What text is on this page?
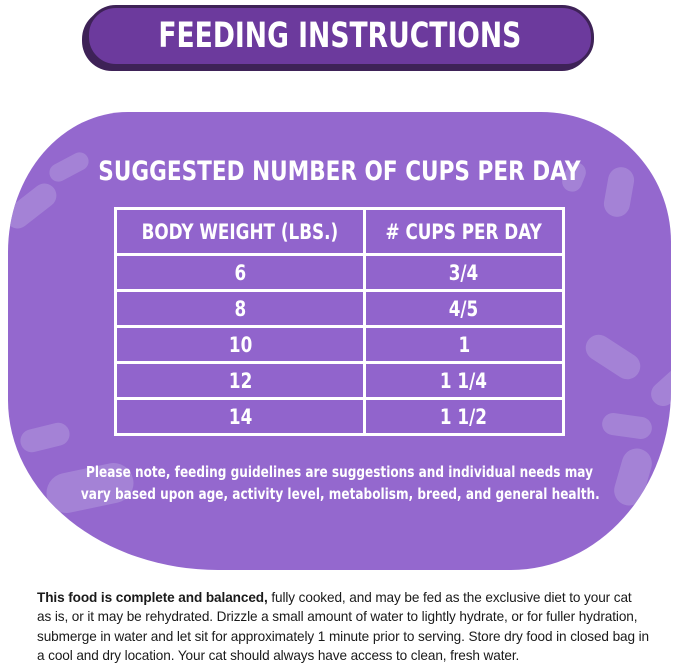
FEEDING INSTRUCTIONS
SUGGESTED NUMBER OF CUPS PER DAY
BODY WEIGHT (LBS.)	# CUPS PER DAY
6	3/4
8	4/5
10	1
12	1 1/4
14	1 1/2
Please note, feeding guidelines are suggestions and individual needs may
vary based upon age, activity level, metabolism, breed, and general health.

This food is complete and balanced, fully cooked, and may be fed as the exclusive diet to your cat as is, or it may be rehydrated. Drizzle a small amount of water to lightly hydrate, or for fuller hydration, submerge in water and let sit for approximately 1 minute prior to serving. Store dry food in closed bag in a cool and dry location. Your cat should always have access to clean, fresh water.
